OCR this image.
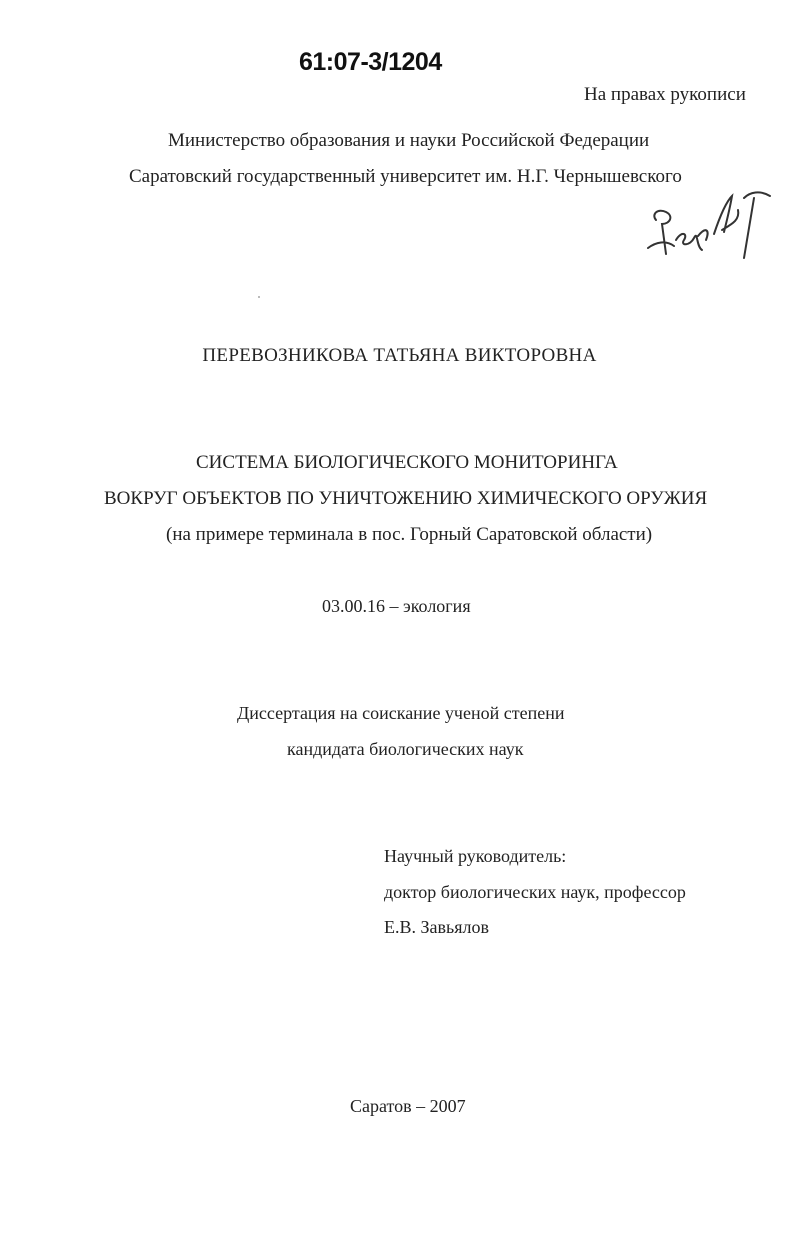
61:07-3/1204
На правах рукописи
Министерство образования и науки Российской Федерации
Саратовский государственный университет им. Н.Г. Чернышевского
ПЕРЕВОЗНИКОВА ТАТЬЯНА ВИКТОРОВНА
СИСТЕМА БИОЛОГИЧЕСКОГО МОНИТОРИНГА
ВОКРУГ ОБЪЕКТОВ ПО УНИЧТОЖЕНИЮ ХИМИЧЕСКОГО ОРУЖИЯ
(на примере терминала в пос. Горный Саратовской области)
03.00.16 – экология
Диссертация на соискание ученой степени
кандидата биологических наук
Научный руководитель:
доктор биологических наук, профессор
Е.В. Завьялов
Саратов – 2007
